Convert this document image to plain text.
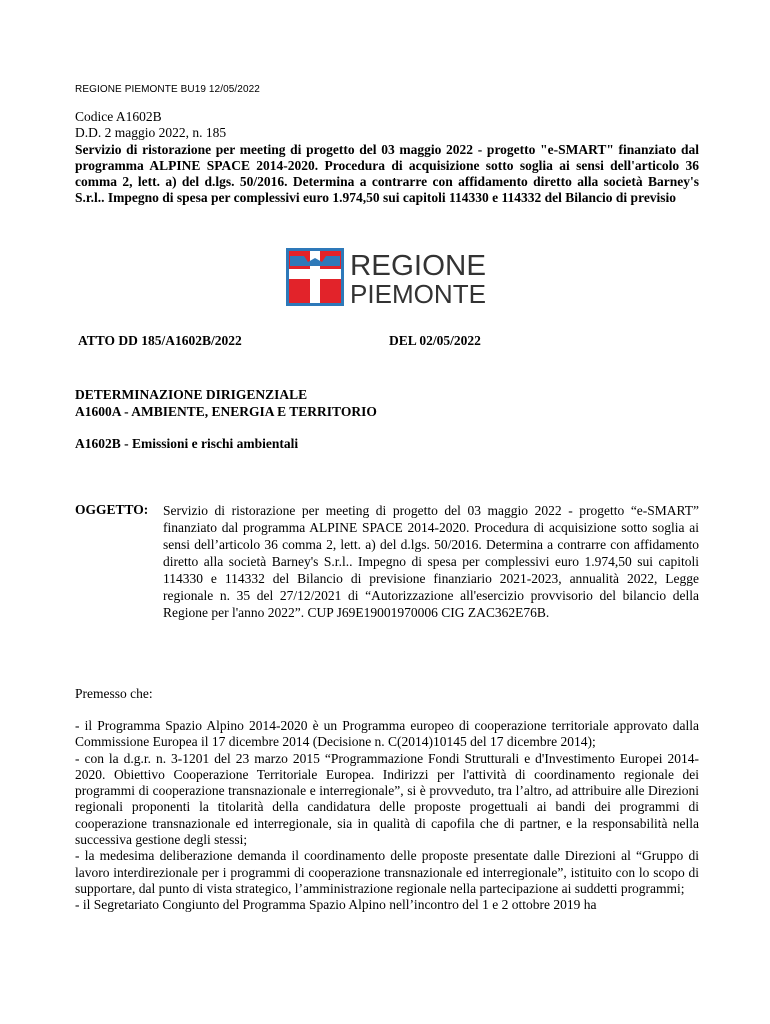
REGIONE PIEMONTE BU19 12/05/2022
Codice A1602B
D.D. 2 maggio 2022, n. 185
Servizio di ristorazione per meeting di progetto del 03 maggio 2022 - progetto "e-SMART" finanziato dal programma ALPINE SPACE 2014-2020. Procedura di acquisizione sotto soglia ai sensi dell'articolo 36 comma 2, lett. a) del d.lgs. 50/2016. Determina a contrarre con affidamento diretto alla società Barney's S.r.l.. Impegno di spesa per complessivi euro 1.974,50 sui capitoli 114330 e 114332 del Bilancio di previsio
REGIONE
PIEMONTE
ATTO DD 185/A1602B/2022	DEL 02/05/2022
DETERMINAZIONE DIRIGENZIALE
A1600A - AMBIENTE, ENERGIA E TERRITORIO
A1602B - Emissioni e rischi ambientali
OGGETTO: Servizio di ristorazione per meeting di progetto del 03 maggio 2022 - progetto “e-SMART” finanziato dal programma ALPINE SPACE 2014-2020. Procedura di acquisizione sotto soglia ai sensi dell’articolo 36 comma 2, lett. a) del d.lgs. 50/2016. Determina a contrarre con affidamento diretto alla società Barney's S.r.l.. Impegno di spesa per complessivi euro 1.974,50 sui capitoli 114330 e 114332 del Bilancio di previsione finanziario 2021-2023, annualità 2022, Legge regionale n. 35 del 27/12/2021 di “Autorizzazione all'esercizio provvisorio del bilancio della Regione per l'anno 2022”. CUP J69E19001970006 CIG ZAC362E76B.
Premesso che:

- il Programma Spazio Alpino 2014-2020 è un Programma europeo di cooperazione territoriale approvato dalla Commissione Europea il 17 dicembre 2014 (Decisione n. C(2014)10145 del 17 dicembre 2014);

- con la d.g.r. n. 3-1201 del 23 marzo 2015 “Programmazione Fondi Strutturali e d'Investimento Europei 2014-2020. Obiettivo Cooperazione Territoriale Europea. Indirizzi per l'attività di coordinamento regionale dei programmi di cooperazione transnazionale e interregionale”, si è provveduto, tra l’altro, ad attribuire alle Direzioni regionali proponenti la titolarità della candidatura delle proposte progettuali ai bandi dei programmi di cooperazione transnazionale ed interregionale, sia in qualità di capofila che di partner, e la responsabilità nella successiva gestione degli stessi;

- la medesima deliberazione demanda il coordinamento delle proposte presentate dalle Direzioni al “Gruppo di lavoro interdirezionale per i programmi di cooperazione transnazionale ed interregionale”, istituito con lo scopo di supportare, dal punto di vista strategico, l’amministrazione regionale nella partecipazione ai suddetti programmi;

- il Segretariato Congiunto del Programma Spazio Alpino nell’incontro del 1 e 2 ottobre 2019 ha
